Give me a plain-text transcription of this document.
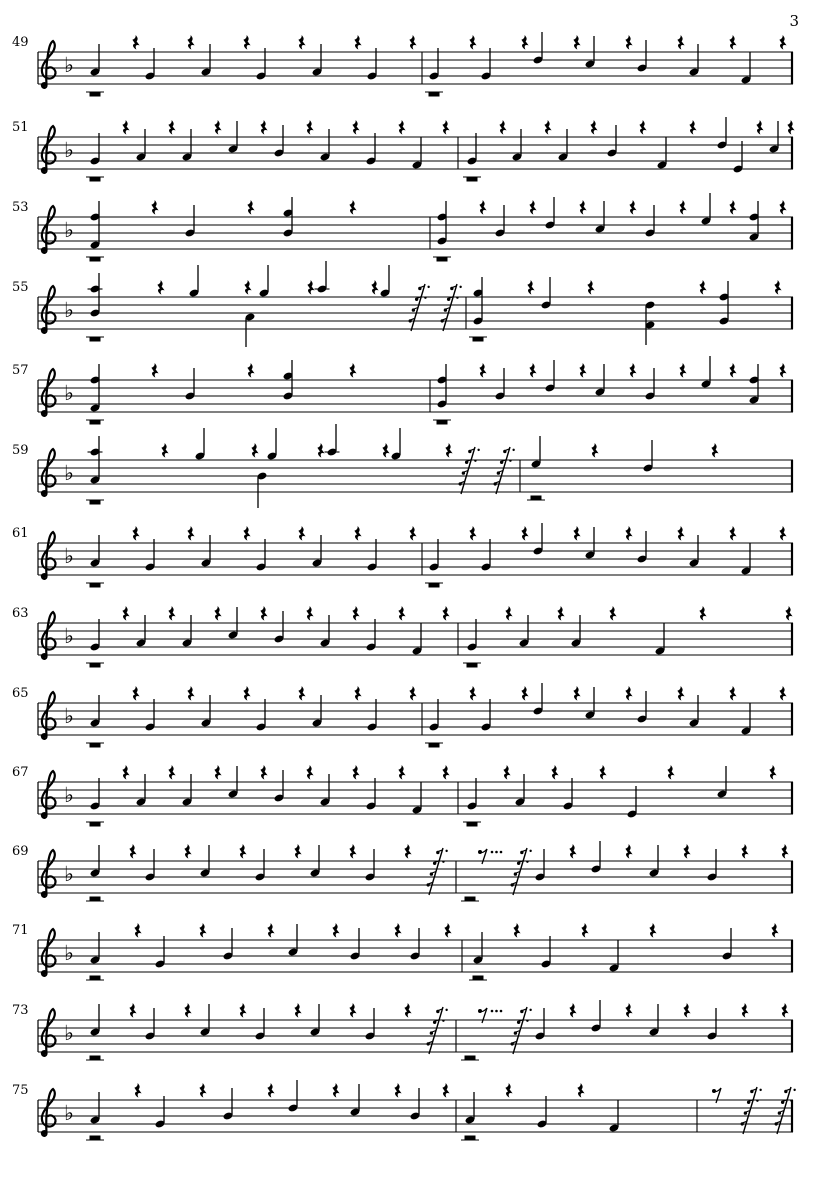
3
49
♭
51
♭
53
♭
55
♭
57
♭
59
♭
61
♭
63
♭
65
♭
67
♭
69
♭
71
♭
73
♭
75
♭
